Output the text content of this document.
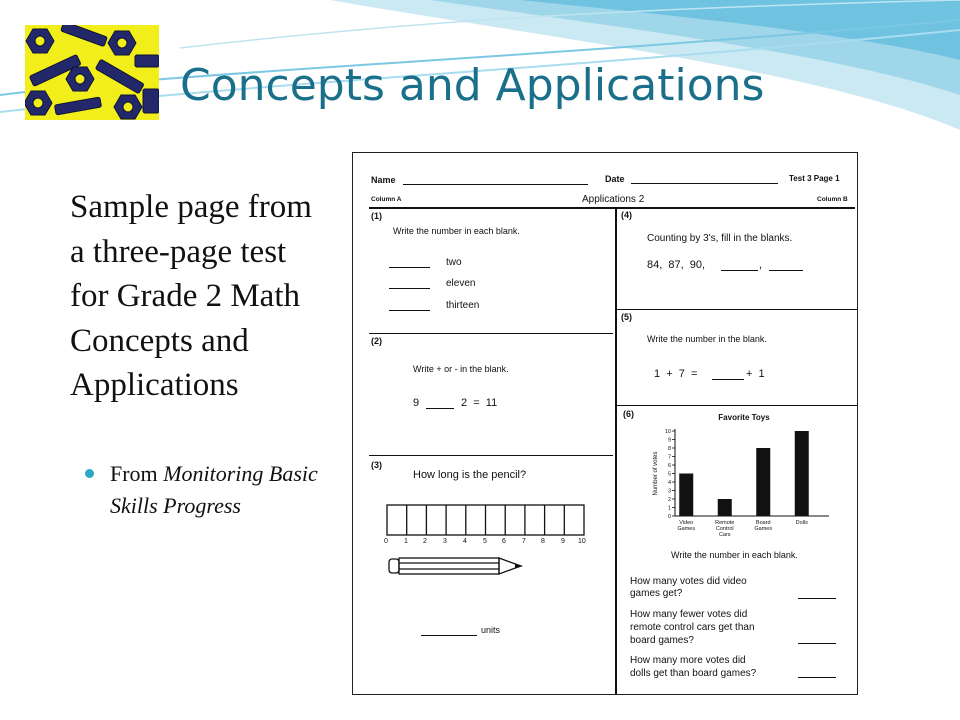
Concepts and Applications
Sample page from a three-page test for Grade 2 Math Concepts and Applications
From Monitoring Basic Skills Progress
Name	Date	Test 3 Page 1
Column A	Applications 2	Column B
(1)
Write the number in each blank.
two
eleven
thirteen
(2)
Write + or - in the blank.
9	2  =  11
(3)
How long is the pencil?
0 1 2 3 4 5 6 7 8 9 10
units
(4)
Counting by 3's, fill in the blanks.
84,  87,  90,	,
(5)
Write the number in the blank.
1  +  7  =	+  1
(6)	Favorite Toys
Number of votes
0
1
2
3
4
5
6
7
8
9
10
Video
Games
Remote
Control
Cars
Board
Games
Dolls
Write the number in each blank.
How many votes did video
games get?
How many fewer votes did
remote control cars get than
board games?
How many more votes did
dolls get than board games?
